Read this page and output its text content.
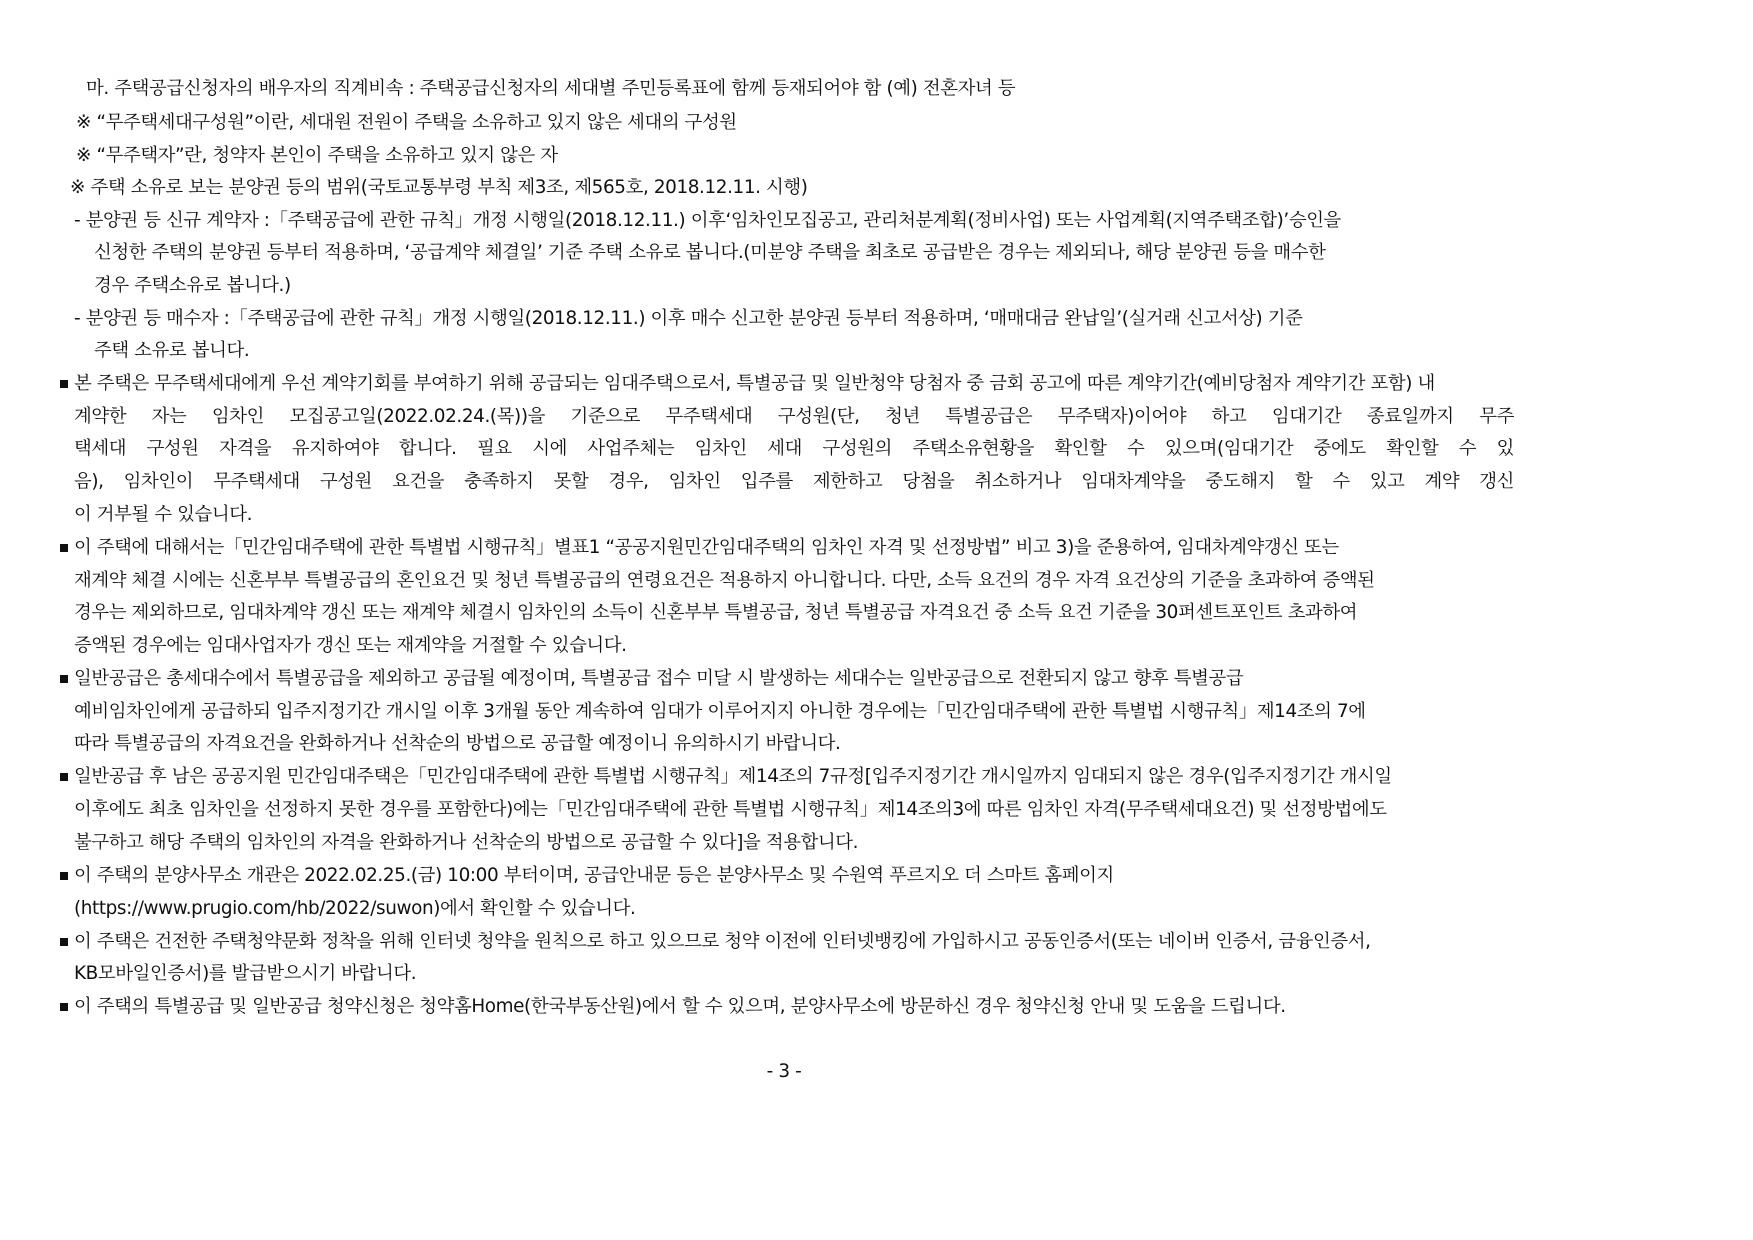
마. 주택공급신청자의 배우자의 직계비속 : 주택공급신청자의 세대별 주민등록표에 함께 등재되어야 함 (예) 전혼자녀 등
※ “무주택세대구성원”이란, 세대원 전원이 주택을 소유하고 있지 않은 세대의 구성원
※ “무주택자”란, 청약자 본인이 주택을 소유하고 있지 않은 자
※ 주택 소유로 보는 분양권 등의 범위(국토교통부령 부칙 제3조, 제565호, 2018.12.11. 시행)
- 분양권 등 신규 계약자 :「주택공급에 관한 규칙」개정 시행일(2018.12.11.) 이후‘임차인모집공고, 관리처분계획(정비사업) 또는 사업계획(지역주택조합)’승인을
신청한 주택의 분양권 등부터 적용하며, ‘공급계약 체결일’ 기준 주택 소유로 봅니다.(미분양 주택을 최초로 공급받은 경우는 제외되나, 해당 분양권 등을 매수한
경우 주택소유로 봅니다.)
- 분양권 등 매수자 :「주택공급에 관한 규칙」개정 시행일(2018.12.11.) 이후 매수 신고한 분양권 등부터 적용하며, ‘매매대금 완납일’(실거래 신고서상) 기준
주택 소유로 봅니다.
본 주택은 무주택세대에게 우선 계약기회를 부여하기 위해 공급되는 임대주택으로서, 특별공급 및 일반청약 당첨자 중 금회 공고에 따른 계약기간(예비당첨자 계약기간 포함) 내
계약한 자는 임차인 모집공고일(2022.02.24.(목))을 기준으로 무주택세대 구성원(단, 청년 특별공급은 무주택자)이어야 하고 임대기간 종료일까지 무주
택세대 구성원 자격을 유지하여야 합니다. 필요 시에 사업주체는 임차인 세대 구성원의 주택소유현황을 확인할 수 있으며(임대기간 중에도 확인할 수 있
음), 임차인이 무주택세대 구성원 요건을 충족하지 못할 경우, 임차인 입주를 제한하고 당첨을 취소하거나 임대차계약을 중도해지 할 수 있고 계약 갱신
이 거부될 수 있습니다.
이 주택에 대해서는「민간임대주택에 관한 특별법 시행규칙」별표1 “공공지원민간임대주택의 임차인 자격 및 선정방법” 비고 3)을 준용하여, 임대차계약갱신 또는
재계약 체결 시에는 신혼부부 특별공급의 혼인요건 및 청년 특별공급의 연령요건은 적용하지 아니합니다. 다만, 소득 요건의 경우 자격 요건상의 기준을 초과하여 증액된
경우는 제외하므로, 임대차계약 갱신 또는 재계약 체결시 임차인의 소득이 신혼부부 특별공급, 청년 특별공급 자격요건 중 소득 요건 기준을 30퍼센트포인트 초과하여
증액된 경우에는 임대사업자가 갱신 또는 재계약을 거절할 수 있습니다.
일반공급은 총세대수에서 특별공급을 제외하고 공급될 예정이며, 특별공급 접수 미달 시 발생하는 세대수는 일반공급으로 전환되지 않고 향후 특별공급
예비임차인에게 공급하되 입주지정기간 개시일 이후 3개월 동안 계속하여 임대가 이루어지지 아니한 경우에는「민간임대주택에 관한 특별법 시행규칙」제14조의 7에
따라 특별공급의 자격요건을 완화하거나 선착순의 방법으로 공급할 예정이니 유의하시기 바랍니다.
일반공급 후 남은 공공지원 민간임대주택은「민간임대주택에 관한 특별법 시행규칙」제14조의 7규정[입주지정기간 개시일까지 임대되지 않은 경우(입주지정기간 개시일
이후에도 최초 임차인을 선정하지 못한 경우를 포함한다)에는「민간임대주택에 관한 특별법 시행규칙」제14조의3에 따른 임차인 자격(무주택세대요건) 및 선정방법에도
불구하고 해당 주택의 임차인의 자격을 완화하거나 선착순의 방법으로 공급할 수 있다]을 적용합니다.
이 주택의 분양사무소 개관은 2022.02.25.(금) 10:00 부터이며, 공급안내문 등은 분양사무소 및 수원역 푸르지오 더 스마트 홈페이지
(https://www.prugio.com/hb/2022/suwon)에서 확인할 수 있습니다.
이 주택은 건전한 주택청약문화 정착을 위해 인터넷 청약을 원칙으로 하고 있으므로 청약 이전에 인터넷뱅킹에 가입하시고 공동인증서(또는 네이버 인증서, 금융인증서,
KB모바일인증서)를 발급받으시기 바랍니다.
이 주택의 특별공급 및 일반공급 청약신청은 청약홈Home(한국부동산원)에서 할 수 있으며, 분양사무소에 방문하신 경우 청약신청 안내 및 도움을 드립니다.
- 3 -
